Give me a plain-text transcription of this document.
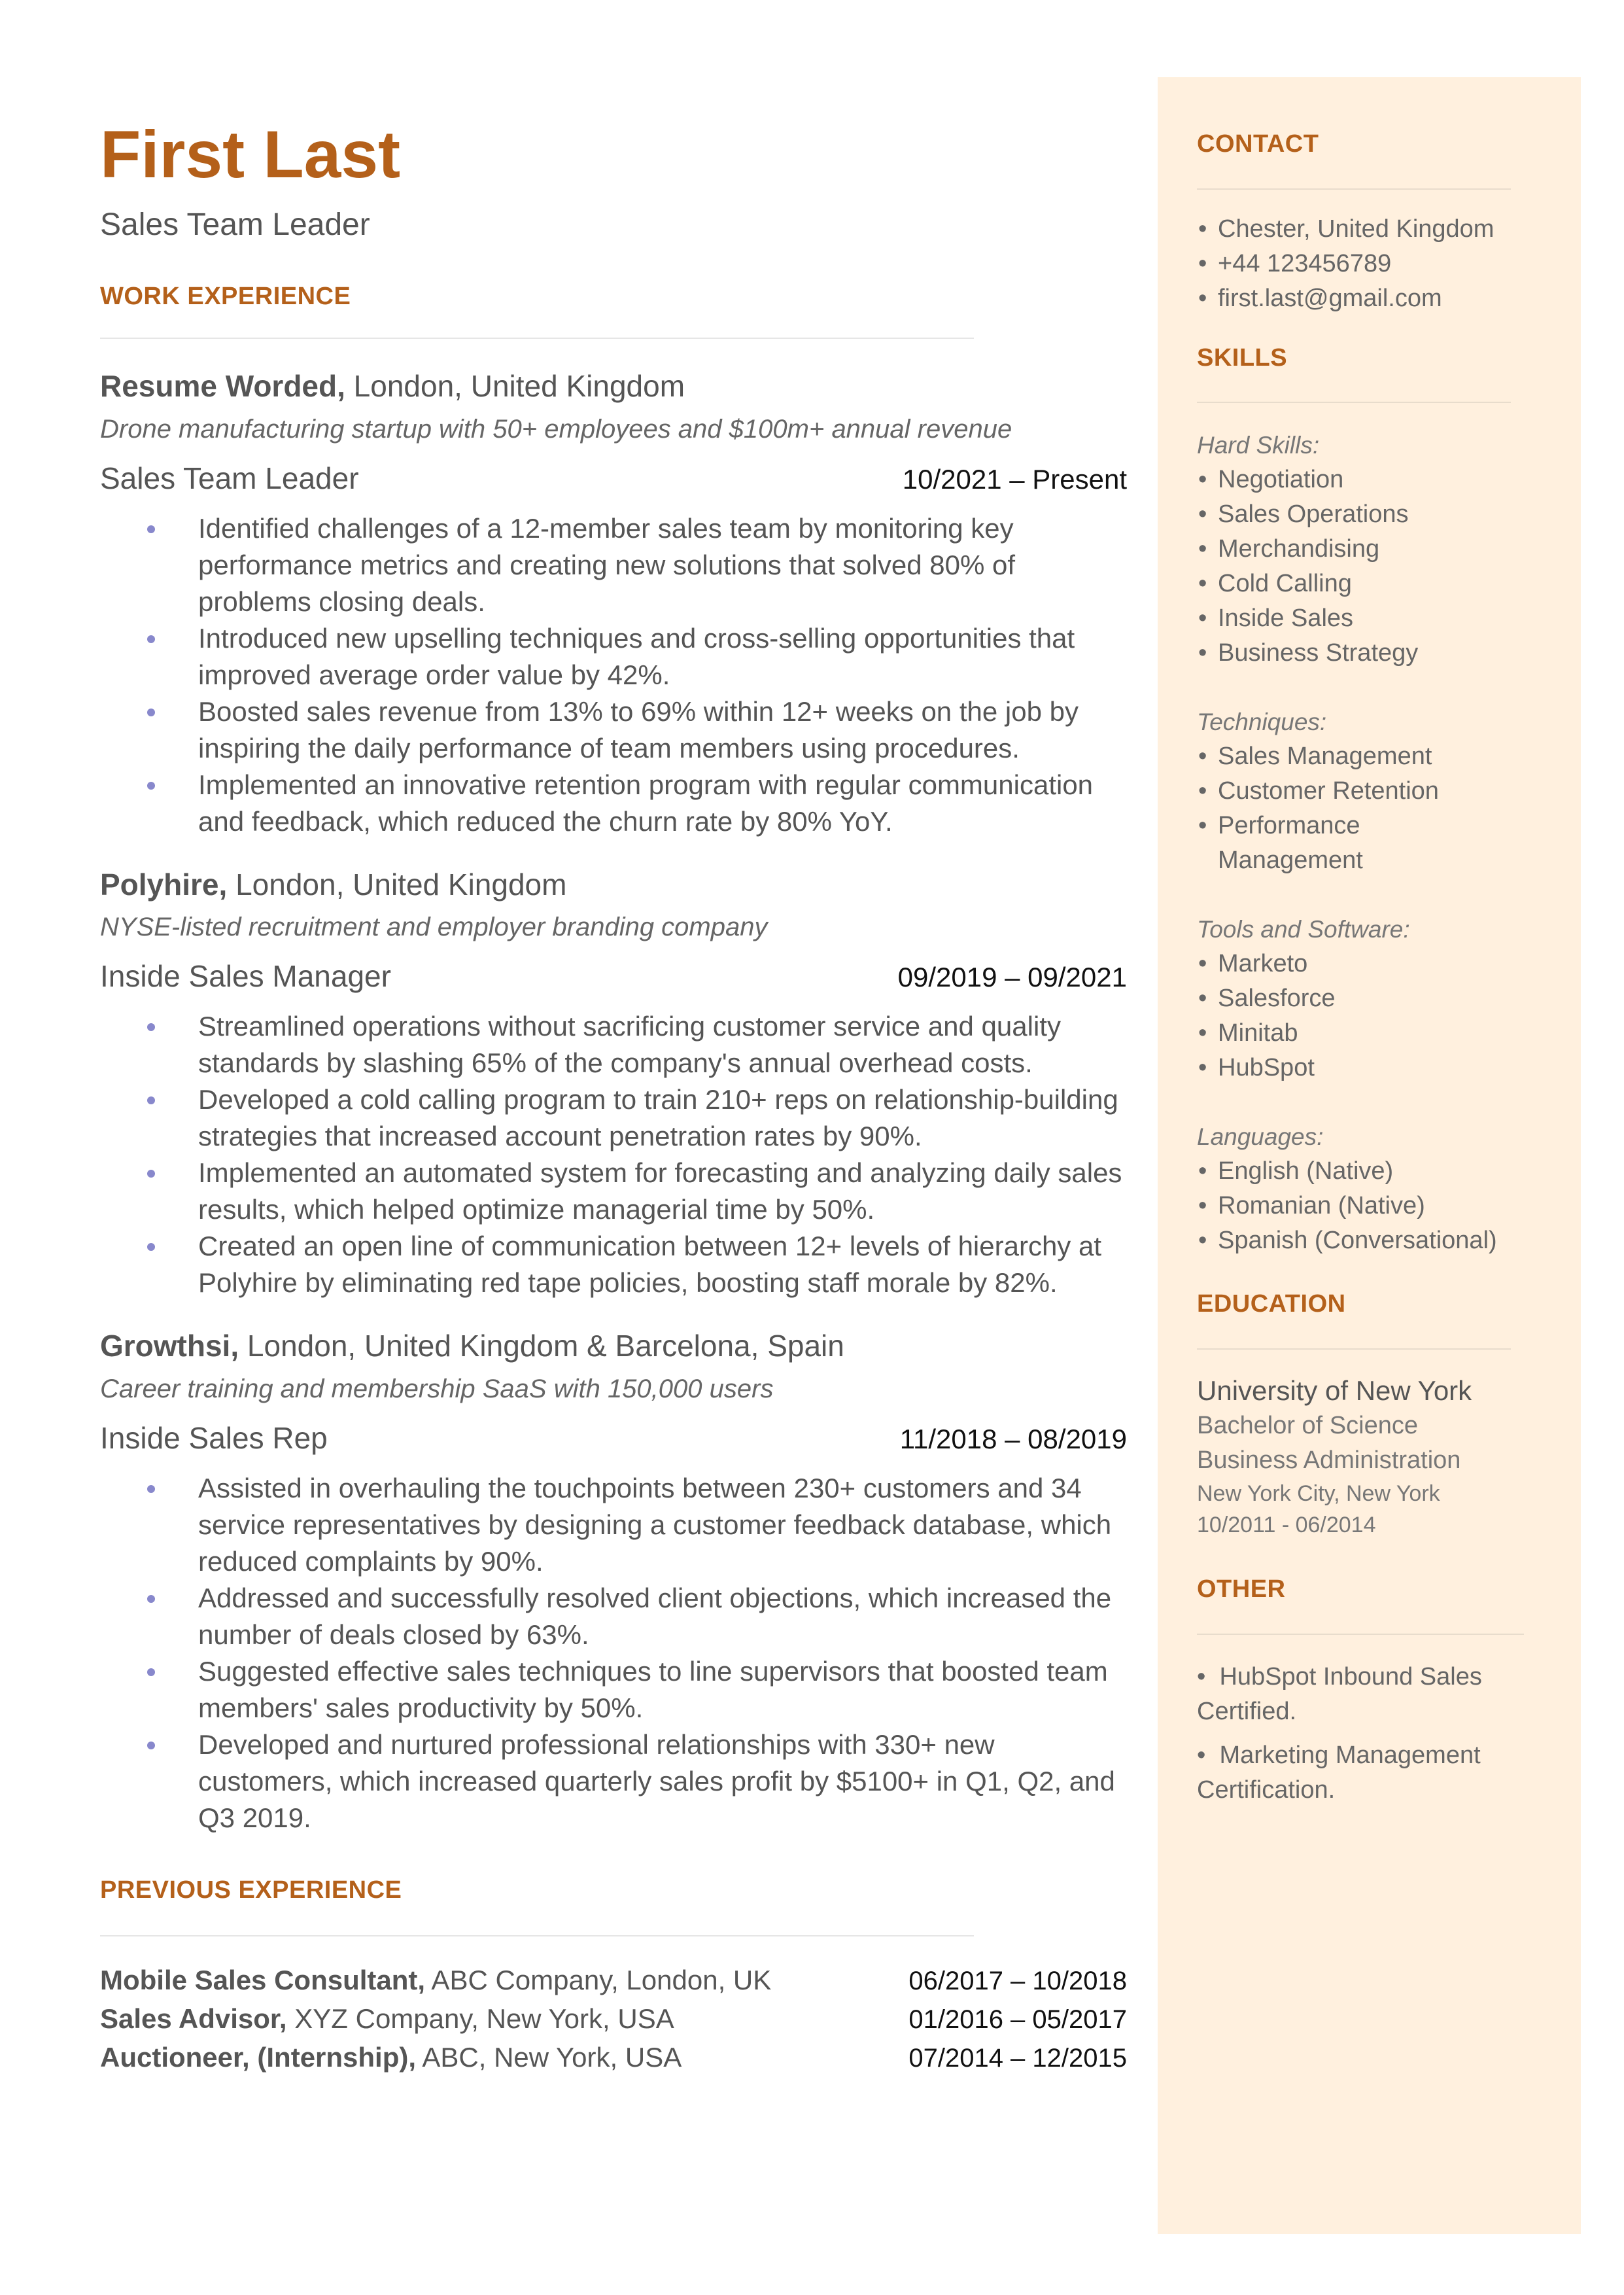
First Last
Sales Team Leader
WORK EXPERIENCE
Resume Worded, London, United Kingdom
Drone manufacturing startup with 50+ employees and $100m+ annual revenue
Sales Team Leader	10/2021 – Present
Identified challenges of a 12-member sales team by monitoring key performance metrics and creating new solutions that solved 80% of problems closing deals.
Introduced new upselling techniques and cross-selling opportunities that improved average order value by 42%.
Boosted sales revenue from 13% to 69% within 12+ weeks on the job by inspiring the daily performance of team members using procedures.
Implemented an innovative retention program with regular communication and feedback, which reduced the churn rate by 80% YoY.
Polyhire, London, United Kingdom
NYSE-listed recruitment and employer branding company
Inside Sales Manager	09/2019 – 09/2021
Streamlined operations without sacrificing customer service and quality standards by slashing 65% of the company's annual overhead costs.
Developed a cold calling program to train 210+ reps on relationship-building strategies that increased account penetration rates by 90%.
Implemented an automated system for forecasting and analyzing daily sales results, which helped optimize managerial time by 50%.
Created an open line of communication between 12+ levels of hierarchy at Polyhire by eliminating red tape policies, boosting staff morale by 82%.
Growthsi, London, United Kingdom & Barcelona, Spain
Career training and membership SaaS with 150,000 users
Inside Sales Rep	11/2018 – 08/2019
Assisted in overhauling the touchpoints between 230+ customers and 34 service representatives by designing a customer feedback database, which reduced complaints by 90%.
Addressed and successfully resolved client objections, which increased the number of deals closed by 63%.
Suggested effective sales techniques to line supervisors that boosted team members' sales productivity by 50%.
Developed and nurtured professional relationships with 330+ new customers, which increased quarterly sales profit by $5100+ in Q1, Q2, and Q3 2019.
PREVIOUS EXPERIENCE
Mobile Sales Consultant, ABC Company, London, UK	06/2017 – 10/2018
Sales Advisor, XYZ Company, New York, USA	01/2016 – 05/2017
Auctioneer, (Internship), ABC, New York, USA	07/2014 – 12/2015
CONTACT
• Chester, United Kingdom
• +44 123456789
• first.last@gmail.com
SKILLS
Hard Skills:
• Negotiation
• Sales Operations
• Merchandising
• Cold Calling
• Inside Sales
• Business Strategy
Techniques:
• Sales Management
• Customer Retention
• Performance Management
Tools and Software:
• Marketo
• Salesforce
• Minitab
• HubSpot
Languages:
• English (Native)
• Romanian (Native)
• Spanish (Conversational)
EDUCATION
University of New York
Bachelor of Science
Business Administration
New York City, New York
10/2011 - 06/2014
OTHER
• HubSpot Inbound Sales
Certified.
• Marketing Management
Certification.
